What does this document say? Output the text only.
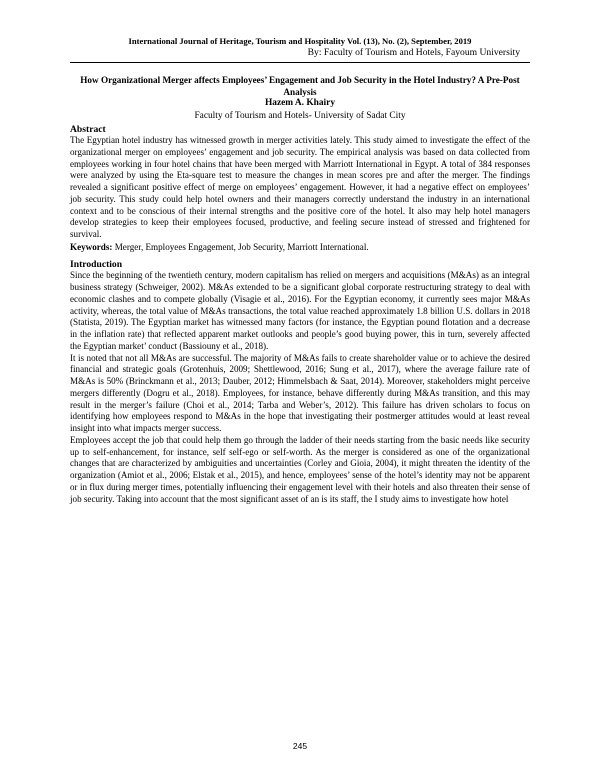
International Journal of Heritage, Tourism and Hospitality Vol. (13), No. (2), September, 2019
By: Faculty of Tourism and Hotels, Fayoum University
How Organizational Merger affects Employees’ Engagement and Job Security in the Hotel Industry? A Pre-Post Analysis
Hazem A. Khairy
Faculty of Tourism and Hotels- University of Sadat City
Abstract

The Egyptian hotel industry has witnessed growth in merger activities lately. This study aimed to investigate the effect of the organizational merger on employees’ engagement and job security. The empirical analysis was based on data collected from employees working in four hotel chains that have been merged with Marriott International in Egypt. A total of 384 responses were analyzed by using the Eta-square test to measure the changes in mean scores pre and after the merger. The findings revealed a significant positive effect of merge on employees’ engagement. However, it had a negative effect on employees’ job security. This study could help hotel owners and their managers correctly understand the industry in an international context and to be conscious of their internal strengths and the positive core of the hotel. It also may help hotel managers develop strategies to keep their employees focused, productive, and feeling secure instead of stressed and frightened for survival.

Keywords: Merger, Employees Engagement, Job Security, Marriott International.

Introduction

Since the beginning of the twentieth century, modern capitalism has relied on mergers and acquisitions (M&As) as an integral business strategy (Schweiger, 2002). M&As extended to be a significant global corporate restructuring strategy to deal with economic clashes and to compete globally (Visagie et al., 2016). For the Egyptian economy, it currently sees major M&As activity, whereas, the total value of M&As transactions, the total value reached approximately 1.8 billion U.S. dollars in 2018 (Statista, 2019). The Egyptian market has witnessed many factors (for instance, the Egyptian pound flotation and a decrease in the inflation rate) that reflected apparent market outlooks and people’s good buying power, this in turn, severely affected the Egyptian market’ conduct (Bassiouny et al., 2018).

It is noted that not all M&As are successful. The majority of M&As fails to create shareholder value or to achieve the desired financial and strategic goals (Grotenhuis, 2009; Shettlewood, 2016; Sung et al., 2017), where the average failure rate of M&As is 50% (Brinckmann et al., 2013; Dauber, 2012; Himmelsbach & Saat, 2014). Moreover, stakeholders might perceive mergers differently (Dogru et al., 2018). Employees, for instance, behave differently during M&As transition, and this may result in the merger’s failure (Choi et al., 2014; Tarba and Weber’s, 2012). This failure has driven scholars to focus on identifying how employees respond to M&As in the hope that investigating their postmerger attitudes would at least reveal insight into what impacts merger success.

Employees accept the job that could help them go through the ladder of their needs starting from the basic needs like security up to self-enhancement, for instance, self self-ego or self-worth. As the merger is considered as one of the organizational changes that are characterized by ambiguities and uncertainties (Corley and Gioia, 2004), it might threaten the identity of the organization (Amiot et al., 2006; Elstak et al., 2015), and hence, employees’ sense of the hotel’s identity may not be apparent or in flux during merger times, potentially influencing their engagement level with their hotels and also threaten their sense of job security. Taking into account that the most significant asset of an is its staff, the I study aims to investigate how hotel

245
